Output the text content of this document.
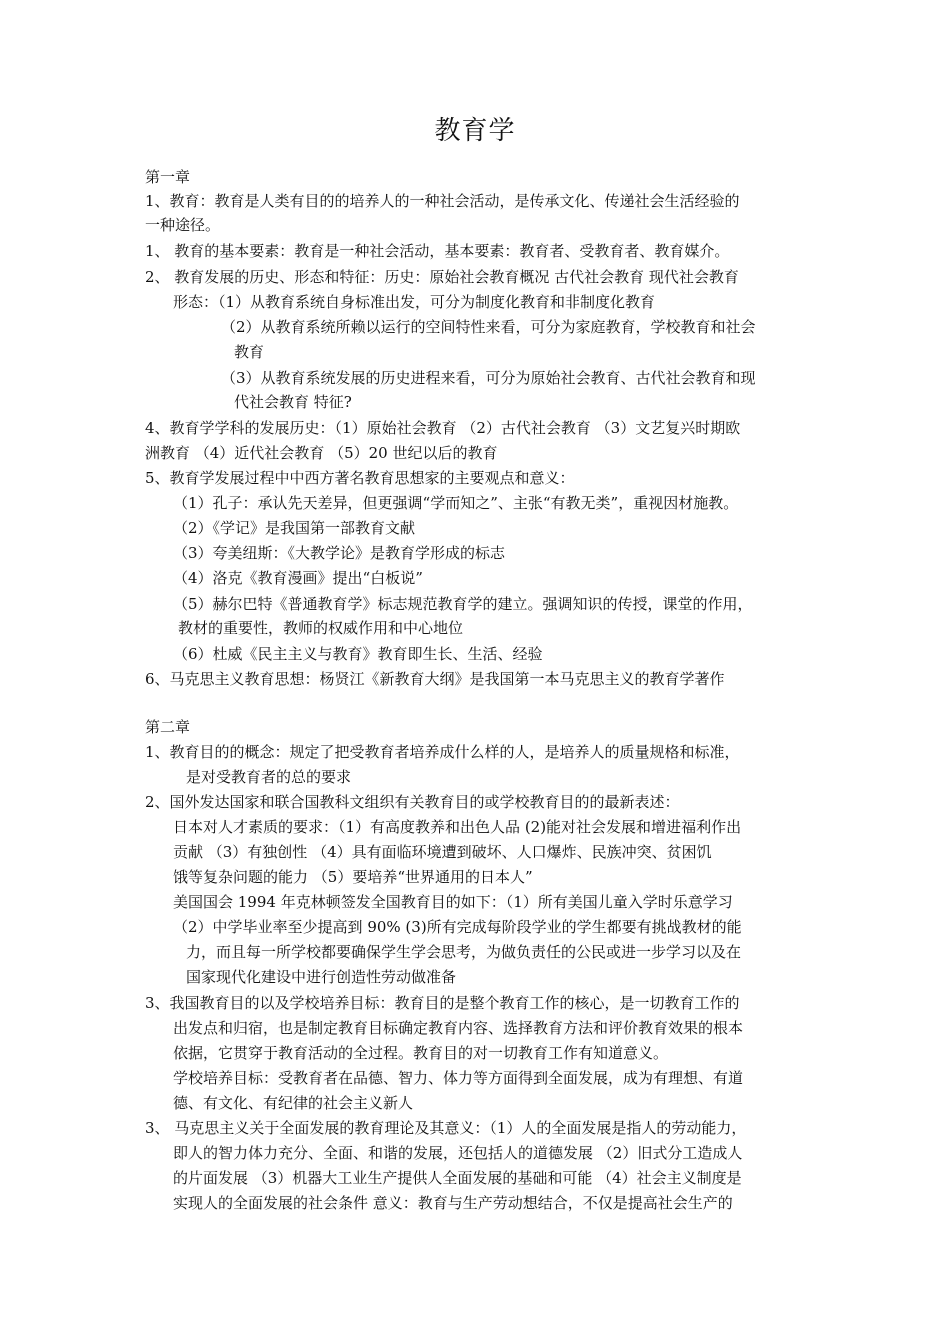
教育学
第一章
1、教育：教育是人类有目的的培养人的一种社会活动，是传承文化、传递社会生活经验的
一种途径。
1、 教育的基本要素：教育是一种社会活动，基本要素：教育者、受教育者、教育媒介。
2、 教育发展的历史、形态和特征：历史：原始社会教育概况 古代社会教育 现代社会教育
形态：（1）从教育系统自身标准出发，可分为制度化教育和非制度化教育
（2）从教育系统所赖以运行的空间特性来看，可分为家庭教育，学校教育和社会
教育
（3）从教育系统发展的历史进程来看，可分为原始社会教育、古代社会教育和现
代社会教育 特征?
4、教育学学科的发展历史：（1）原始社会教育 （2）古代社会教育 （3）文艺复兴时期欧
洲教育 （4）近代社会教育 （5）20 世纪以后的教育
5、教育学发展过程中中西方著名教育思想家的主要观点和意义：
（1）孔子：承认先天差异，但更强调“学而知之”、主张“有教无类”，重视因材施教。
（2）《学记》是我国第一部教育文献
（3）夸美纽斯：《大教学论》是教育学形成的标志
（4）洛克《教育漫画》提出“白板说”
（5）赫尔巴特《普通教育学》标志规范教育学的建立。强调知识的传授，课堂的作用，
教材的重要性，教师的权威作用和中心地位
（6）杜威《民主主义与教育》教育即生长、生活、经验
6、马克思主义教育思想：杨贤江《新教育大纲》是我国第一本马克思主义的教育学著作
第二章
1、教育目的的概念：规定了把受教育者培养成什么样的人，是培养人的质量规格和标准，
是对受教育者的总的要求
2、国外发达国家和联合国教科文组织有关教育目的或学校教育目的的最新表述：
日本对人才素质的要求：（1）有高度教养和出色人品 (2)能对社会发展和增进福利作出
贡献 （3）有独创性 （4）具有面临环境遭到破坏、人口爆炸、民族冲突、贫困饥
饿等复杂问题的能力 （5）要培养“世界通用的日本人”
美国国会 1994 年克林顿签发全国教育目的如下：（1）所有美国儿童入学时乐意学习
（2）中学毕业率至少提高到 90% (3)所有完成每阶段学业的学生都要有挑战教材的能
力，而且每一所学校都要确保学生学会思考，为做负责任的公民或进一步学习以及在
国家现代化建设中进行创造性劳动做准备
3、我国教育目的以及学校培养目标：教育目的是整个教育工作的核心，是一切教育工作的
出发点和归宿，也是制定教育目标确定教育内容、选择教育方法和评价教育效果的根本
依据，它贯穿于教育活动的全过程。教育目的对一切教育工作有知道意义。
学校培养目标：受教育者在品德、智力、体力等方面得到全面发展，成为有理想、有道
德、有文化、有纪律的社会主义新人
3、 马克思主义关于全面发展的教育理论及其意义：（1）人的全面发展是指人的劳动能力，
即人的智力体力充分、全面、和谐的发展，还包括人的道德发展 （2）旧式分工造成人
的片面发展 （3）机器大工业生产提供人全面发展的基础和可能 （4）社会主义制度是
实现人的全面发展的社会条件 意义：教育与生产劳动想结合，不仅是提高社会生产的
